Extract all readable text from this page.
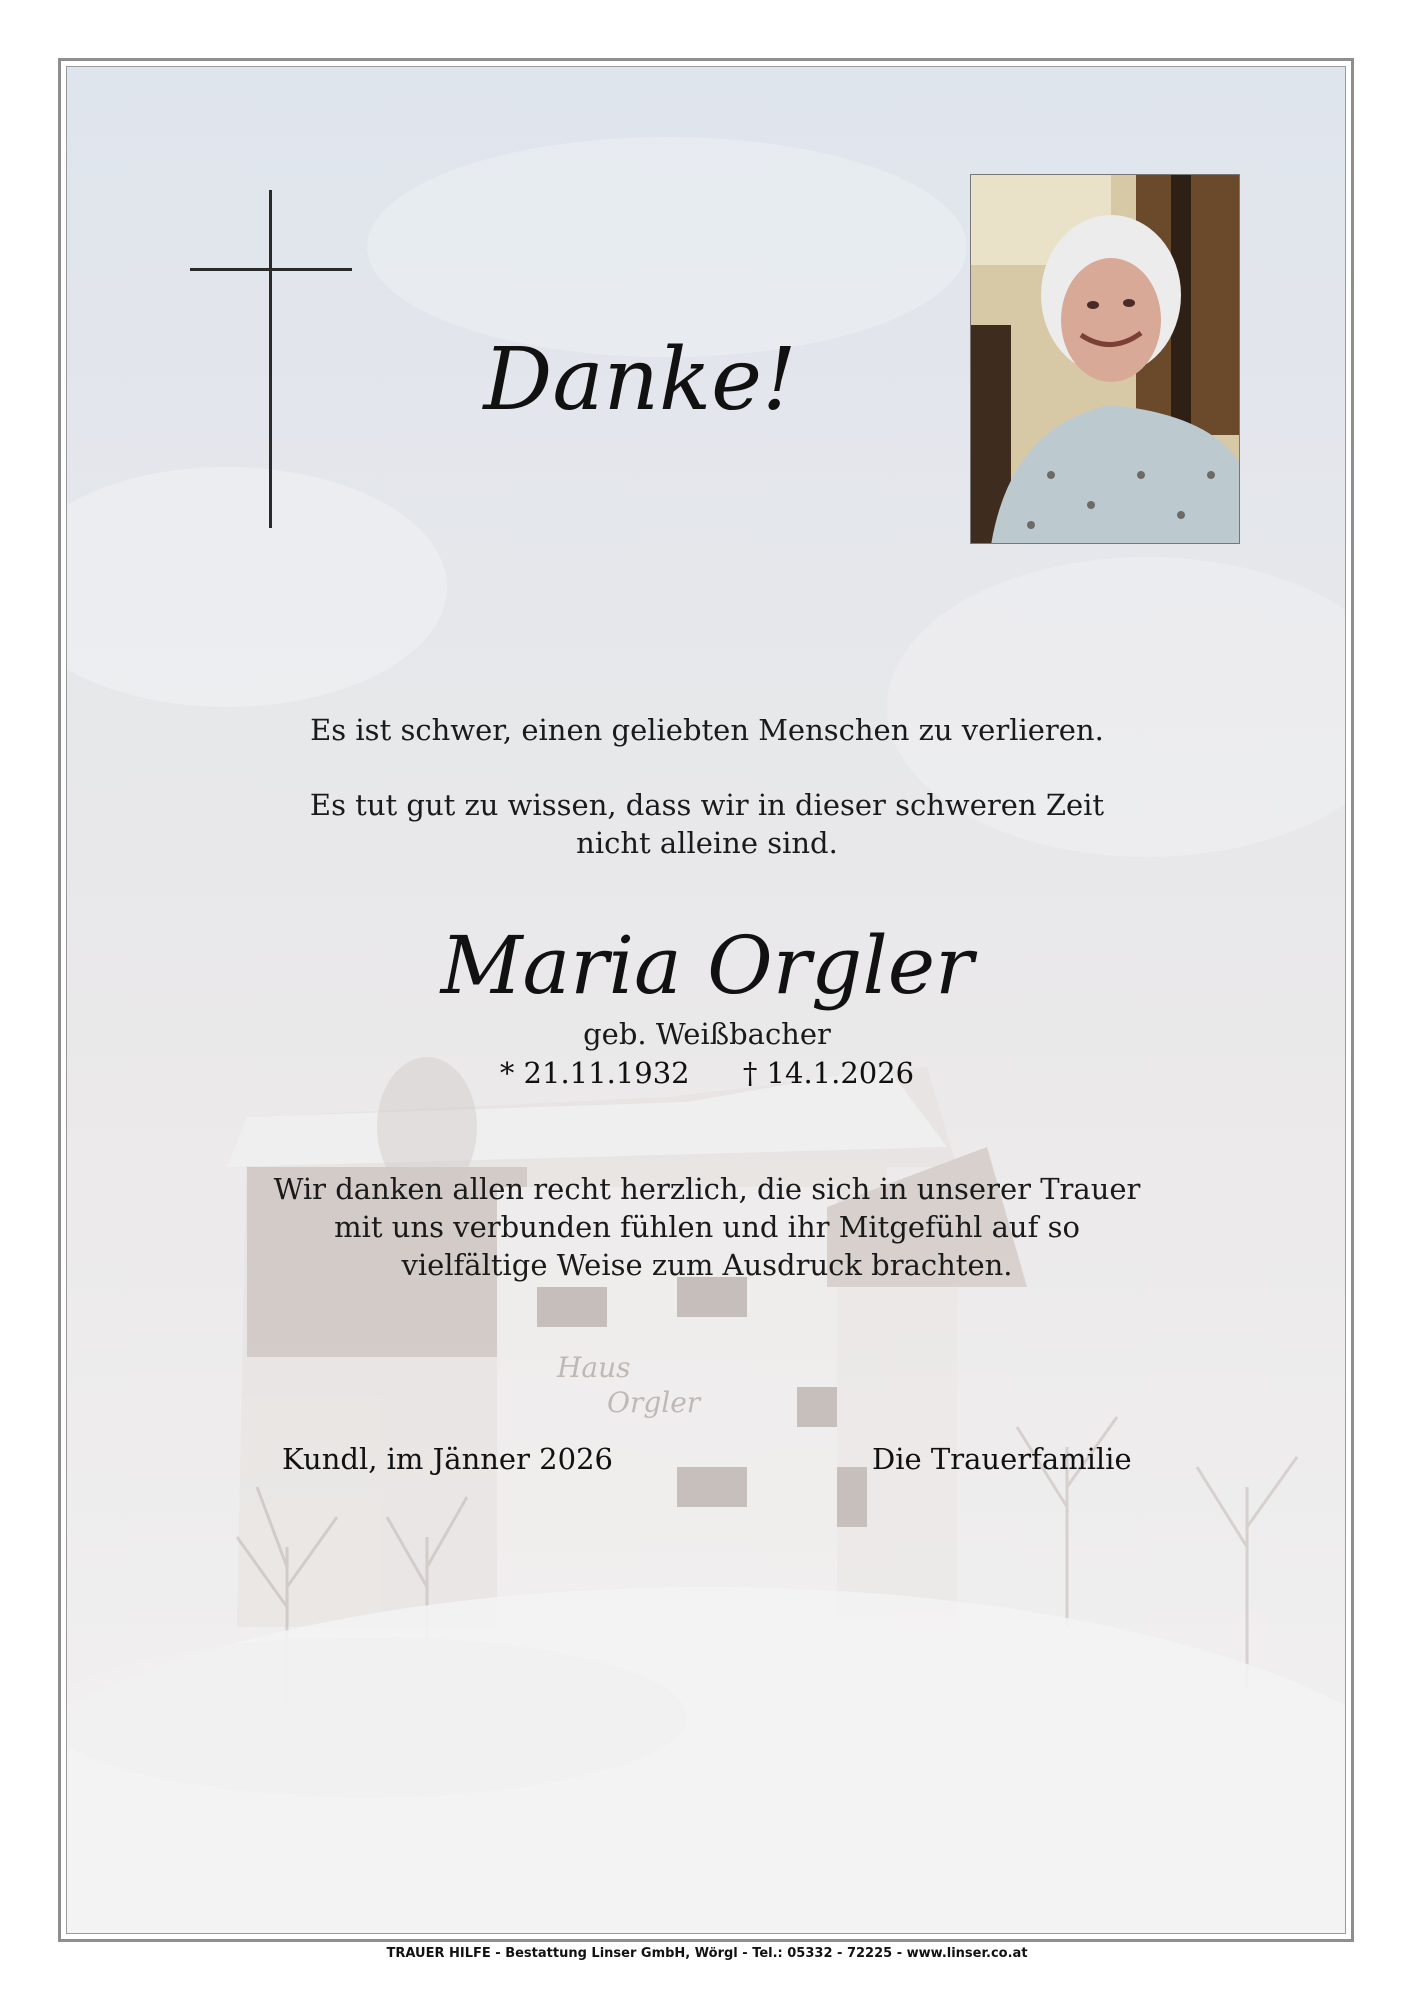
Haus
Orgler
Danke!
Es ist schwer, einen geliebten Menschen zu verlieren.
Es tut gut zu wissen, dass wir in dieser schweren Zeit
nicht alleine sind.
Maria Orgler
geb. Weißbacher
* 21.11.1932 † 14.1.2026
Wir danken allen recht herzlich, die sich in unserer Trauer
mit uns verbunden fühlen und ihr Mitgefühl auf so
vielfältige Weise zum Ausdruck brachten.
Kundl, im Jänner 2026	Die Trauerfamilie
TRAUER HILFE - Bestattung Linser GmbH, Wörgl - Tel.: 05332 - 72225 - www.linser.co.at
